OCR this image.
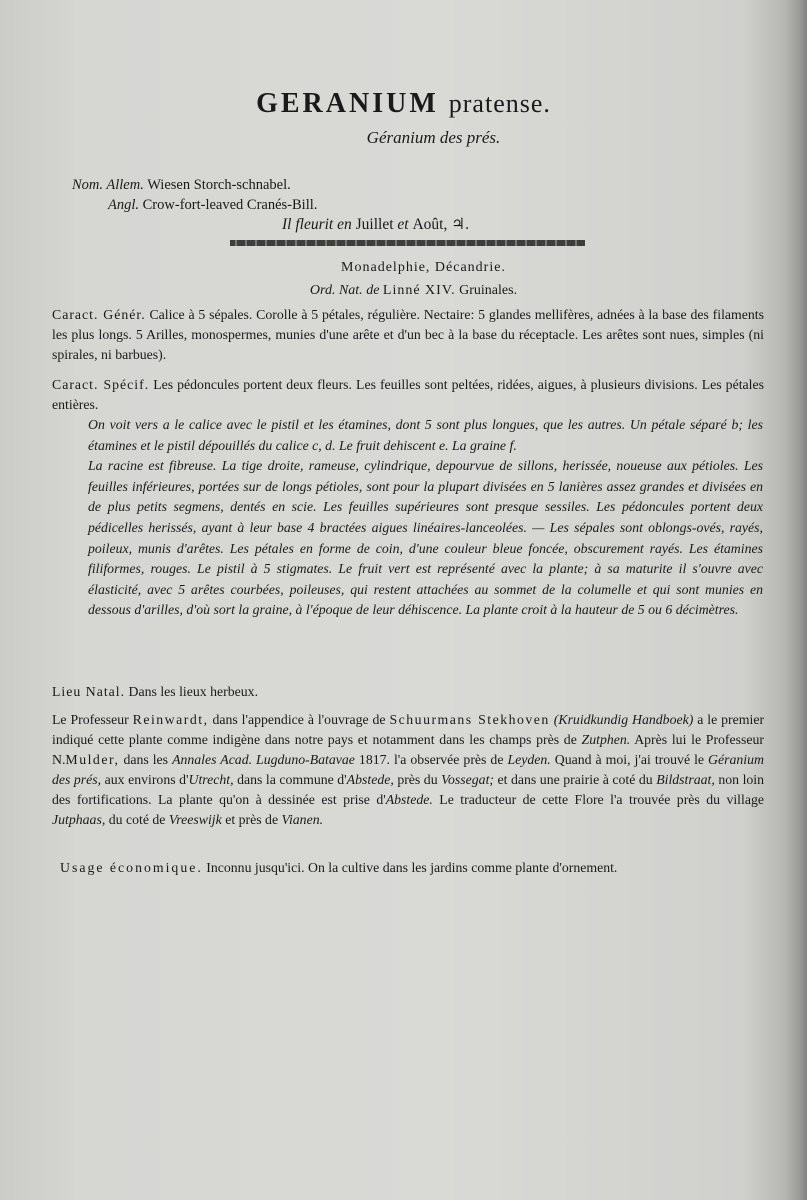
GERANIUM pratense.
Géranium des prés.
Nom. Allem. Wiesen Storch-schnabel.
Angl. Crow-fort-leaved Cranés-Bill.
Il fleurit en Juillet et Août, ♃.
Monadelphie, Décandrie.
Ord. Nat. de Linné XIV. Gruinales.
Caract. Génér. Calice à 5 sépales. Corolle à 5 pétales, régulière. Nectaire: 5 glandes mellifères, adnées à la base des filaments les plus longs. 5 Arilles, monospermes, munies d'une arête et d'un bec à la base du réceptacle. Les arêtes sont nues, simples (ni spirales, ni barbues).
Caract. Spécif. Les pédoncules portent deux fleurs. Les feuilles sont peltées, ridées, aigues, à plusieurs divisions. Les pétales entières.

On voit vers a le calice avec le pistil et les étamines, dont 5 sont plus longues, que les autres. Un pétale séparé b; les étamines et le pistil dépouillés du calice c, d. Le fruit dehiscent e. La graine f.

La racine est fibreuse. La tige droite, rameuse, cylindrique, depourvue de sillons, herissée, noueuse aux pétioles. Les feuilles inférieures, portées sur de longs pétioles, sont pour la plupart divisées en 5 lanières assez grandes et divisées en de plus petits segmens, dentés en scie. Les feuilles supérieures sont presque sessiles. Les pédoncules portent deux pédicelles herissés, ayant à leur base 4 bractées aigues linéaires-lanceolées. — Les sépales sont oblongs-ovés, rayés, poileux, munis d'arêtes. Les pétales en forme de coin, d'une couleur bleue foncée, obscurement rayés. Les étamines filiformes, rouges. Le pistil à 5 stigmates. Le fruit vert est représenté avec la plante; à sa maturite il s'ouvre avec élasticité, avec 5 arêtes courbées, poileuses, qui restent attachées au sommet de la columelle et qui sont munies en dessous d'arilles, d'où sort la graine, à l'époque de leur déhiscence. La plante croit à la hauteur de 5 ou 6 décimètres.

Lieu Natal. Dans les lieux herbeux.
Le Professeur Reinwardt, dans l'appendice à l'ouvrage de Schuurmans Stekhoven (Kruidkundig Handboek) a le premier indiqué cette plante comme indigène dans notre pays et notamment dans les champs près de Zutphen. Après lui le Professeur N.Mulder, dans les Annales Acad. Lugduno-Batavae 1817. l'a observée près de Leyden. Quand à moi, j'ai trouvé le Géranium des prés, aux environs d'Utrecht, dans la commune d'Abstede, près du Vossegat; et dans une prairie à coté du Bildstraat, non loin des fortifications. La plante qu'on à dessinée est prise d'Abstede. Le traducteur de cette Flore l'a trouvée près du village Jutphaas, du coté de Vreeswijk et près de Vianen.
Usage économique. Inconnu jusqu'ici. On la cultive dans les jardins comme plante d'ornement.
